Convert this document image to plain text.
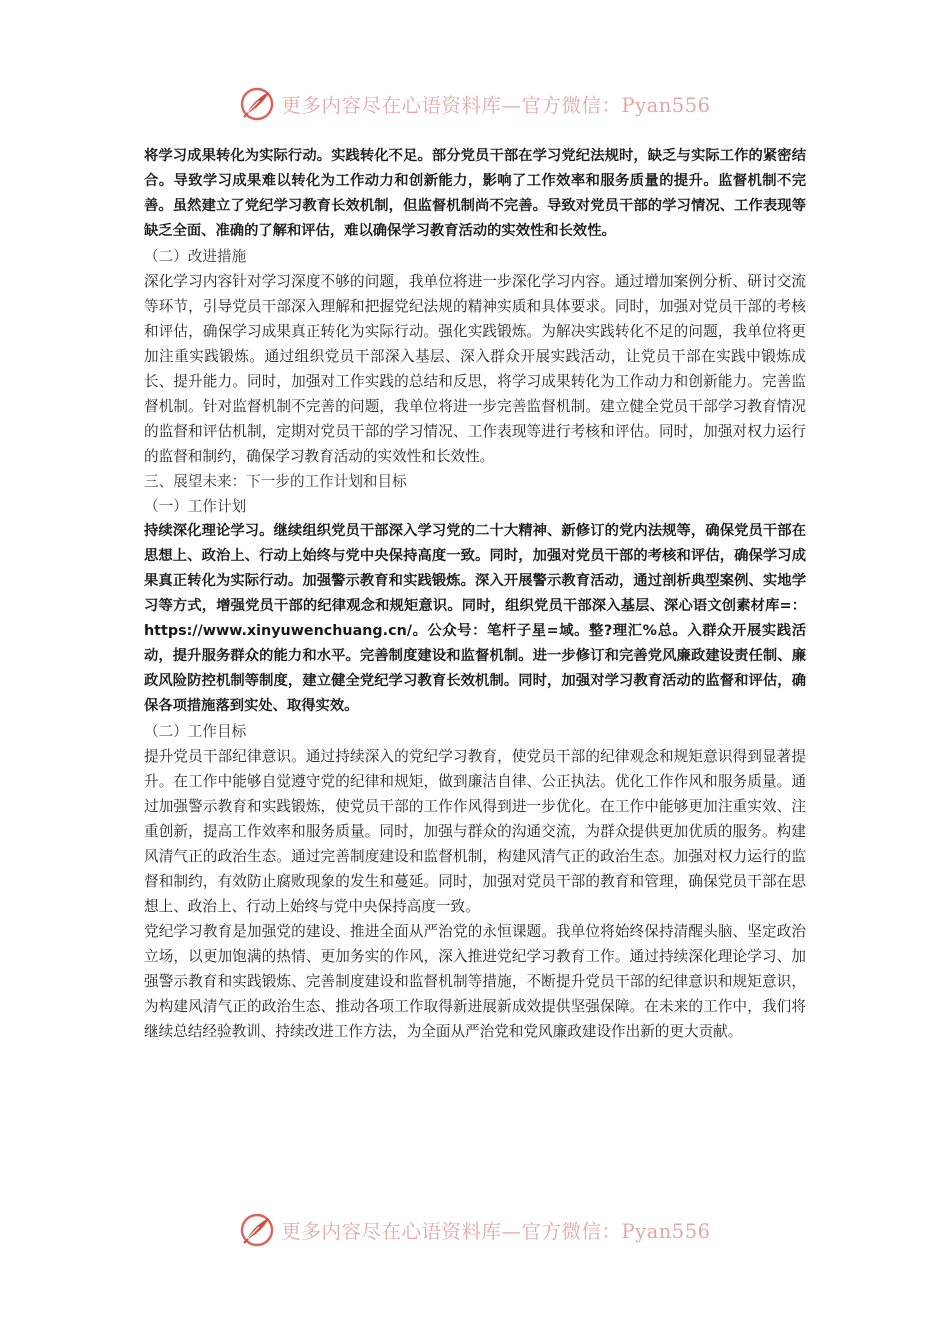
更多内容尽在心语资料库—官方微信：Pyan556

将学习成果转化为实际行动。实践转化不足。部分党员干部在学习党纪法规时，缺乏与实际工作的紧密结合。导致学习成果难以转化为工作动力和创新能力，影响了工作效率和服务质量的提升。监督机制不完善。虽然建立了党纪学习教育长效机制，但监督机制尚不完善。导致对党员干部的学习情况、工作表现等缺乏全面、准确的了解和评估，难以确保学习教育活动的实效性和长效性。

（二）改进措施

深化学习内容针对学习深度不够的问题，我单位将进一步深化学习内容。通过增加案例分析、研讨交流等环节，引导党员干部深入理解和把握党纪法规的精神实质和具体要求。同时，加强对党员干部的考核和评估，确保学习成果真正转化为实际行动。强化实践锻炼。为解决实践转化不足的问题，我单位将更加注重实践锻炼。通过组织党员干部深入基层、深入群众开展实践活动，让党员干部在实践中锻炼成长、提升能力。同时，加强对工作实践的总结和反思，将学习成果转化为工作动力和创新能力。完善监督机制。针对监督机制不完善的问题，我单位将进一步完善监督机制。建立健全党员干部学习教育情况的监督和评估机制，定期对党员干部的学习情况、工作表现等进行考核和评估。同时，加强对权力运行的监督和制约，确保学习教育活动的实效性和长效性。

三、展望未来：下一步的工作计划和目标

（一）工作计划

持续深化理论学习。继续组织党员干部深入学习党的二十大精神、新修订的党内法规等，确保党员干部在思想上、政治上、行动上始终与党中央保持高度一致。同时，加强对党员干部的考核和评估，确保学习成果真正转化为实际行动。加强警示教育和实践锻炼。深入开展警示教育活动，通过剖析典型案例、实地学习等方式，增强党员干部的纪律观念和规矩意识。同时，组织党员干部深入基层、深心语文创素材库=：https://www.xinyuwenchuang.cn/。公众号：笔杆子星=域。整?理汇%总。入群众开展实践活动，提升服务群众的能力和水平。完善制度建设和监督机制。进一步修订和完善党风廉政建设责任制、廉政风险防控机制等制度，建立健全党纪学习教育长效机制。同时，加强对学习教育活动的监督和评估，确保各项措施落到实处、取得实效。

（二）工作目标

提升党员干部纪律意识。通过持续深入的党纪学习教育，使党员干部的纪律观念和规矩意识得到显著提升。在工作中能够自觉遵守党的纪律和规矩，做到廉洁自律、公正执法。优化工作作风和服务质量。通过加强警示教育和实践锻炼，使党员干部的工作作风得到进一步优化。在工作中能够更加注重实效、注重创新，提高工作效率和服务质量。同时，加强与群众的沟通交流，为群众提供更加优质的服务。构建风清气正的政治生态。通过完善制度建设和监督机制，构建风清气正的政治生态。加强对权力运行的监督和制约，有效防止腐败现象的发生和蔓延。同时，加强对党员干部的教育和管理，确保党员干部在思想上、政治上、行动上始终与党中央保持高度一致。

党纪学习教育是加强党的建设、推进全面从严治党的永恒课题。我单位将始终保持清醒头脑、坚定政治立场，以更加饱满的热情、更加务实的作风，深入推进党纪学习教育工作。通过持续深化理论学习、加强警示教育和实践锻炼、完善制度建设和监督机制等措施，不断提升党员干部的纪律意识和规矩意识，为构建风清气正的政治生态、推动各项工作取得新进展新成效提供坚强保障。在未来的工作中，我们将继续总结经验教训、持续改进工作方法，为全面从严治党和党风廉政建设作出新的更大贡献。

更多内容尽在心语资料库—官方微信：Pyan556
